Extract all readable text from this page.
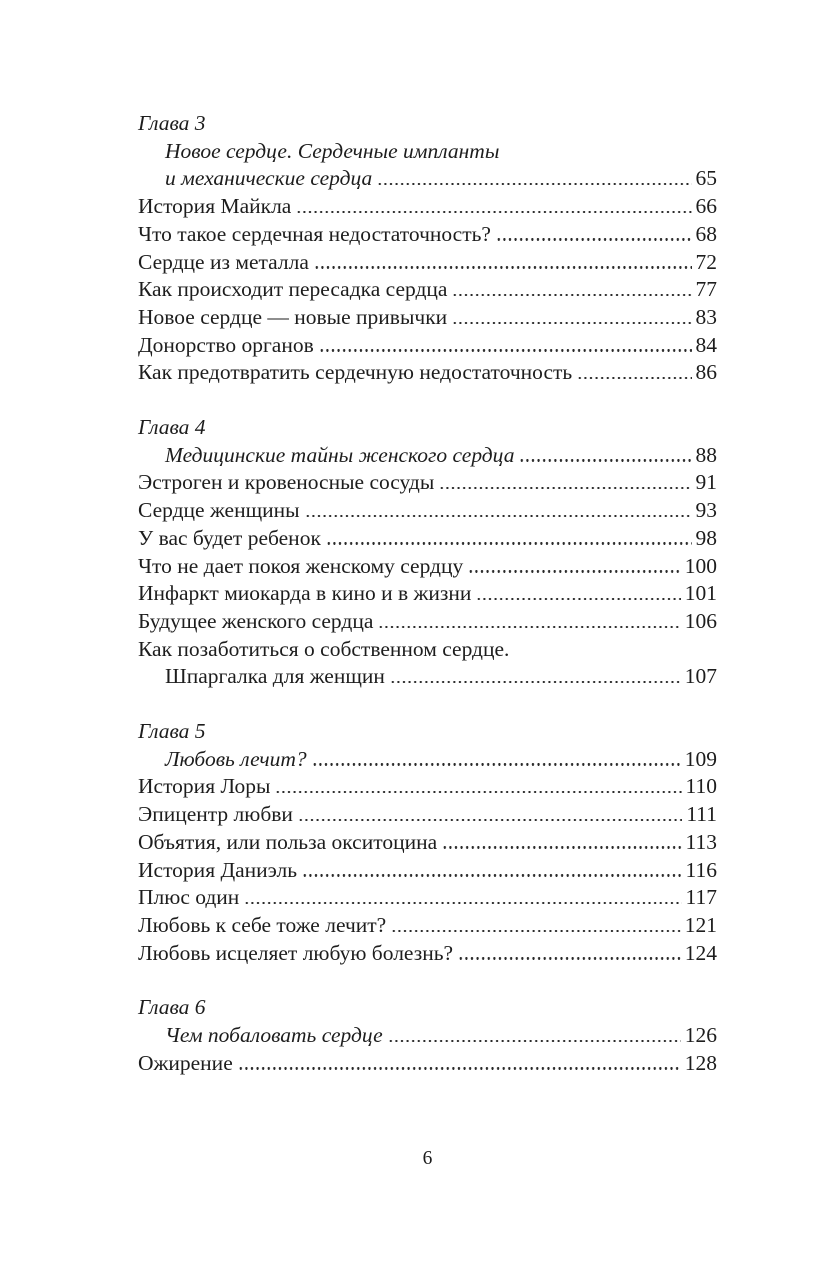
Глава 3
Новое сердце. Сердечные импланты
и механические сердца	65
История Майкла	66
Что такое сердечная недостаточность?	68
Сердце из металла	72
Как происходит пересадка сердца	77
Новое сердце — новые привычки	83
Донорство органов	84
Как предотвратить сердечную недостаточность	86
Глава 4
Медицинские тайны женского сердца	88
Эстроген и кровеносные сосуды	91
Сердце женщины	93
У вас будет ребенок	98
Что не дает покоя женскому сердцу	100
Инфаркт миокарда в кино и в жизни	101
Будущее женского сердца	106
Как позаботиться о собственном сердце.
Шпаргалка для женщин	107
Глава 5
Любовь лечит?	109
История Лоры	110
Эпицентр любви	111
Объятия, или польза окситоцина	113
История Даниэль	116
Плюс один	117
Любовь к себе тоже лечит?	121
Любовь исцеляет любую болезнь?	124
Глава 6
Чем побаловать сердце	126
Ожирение	128
6
